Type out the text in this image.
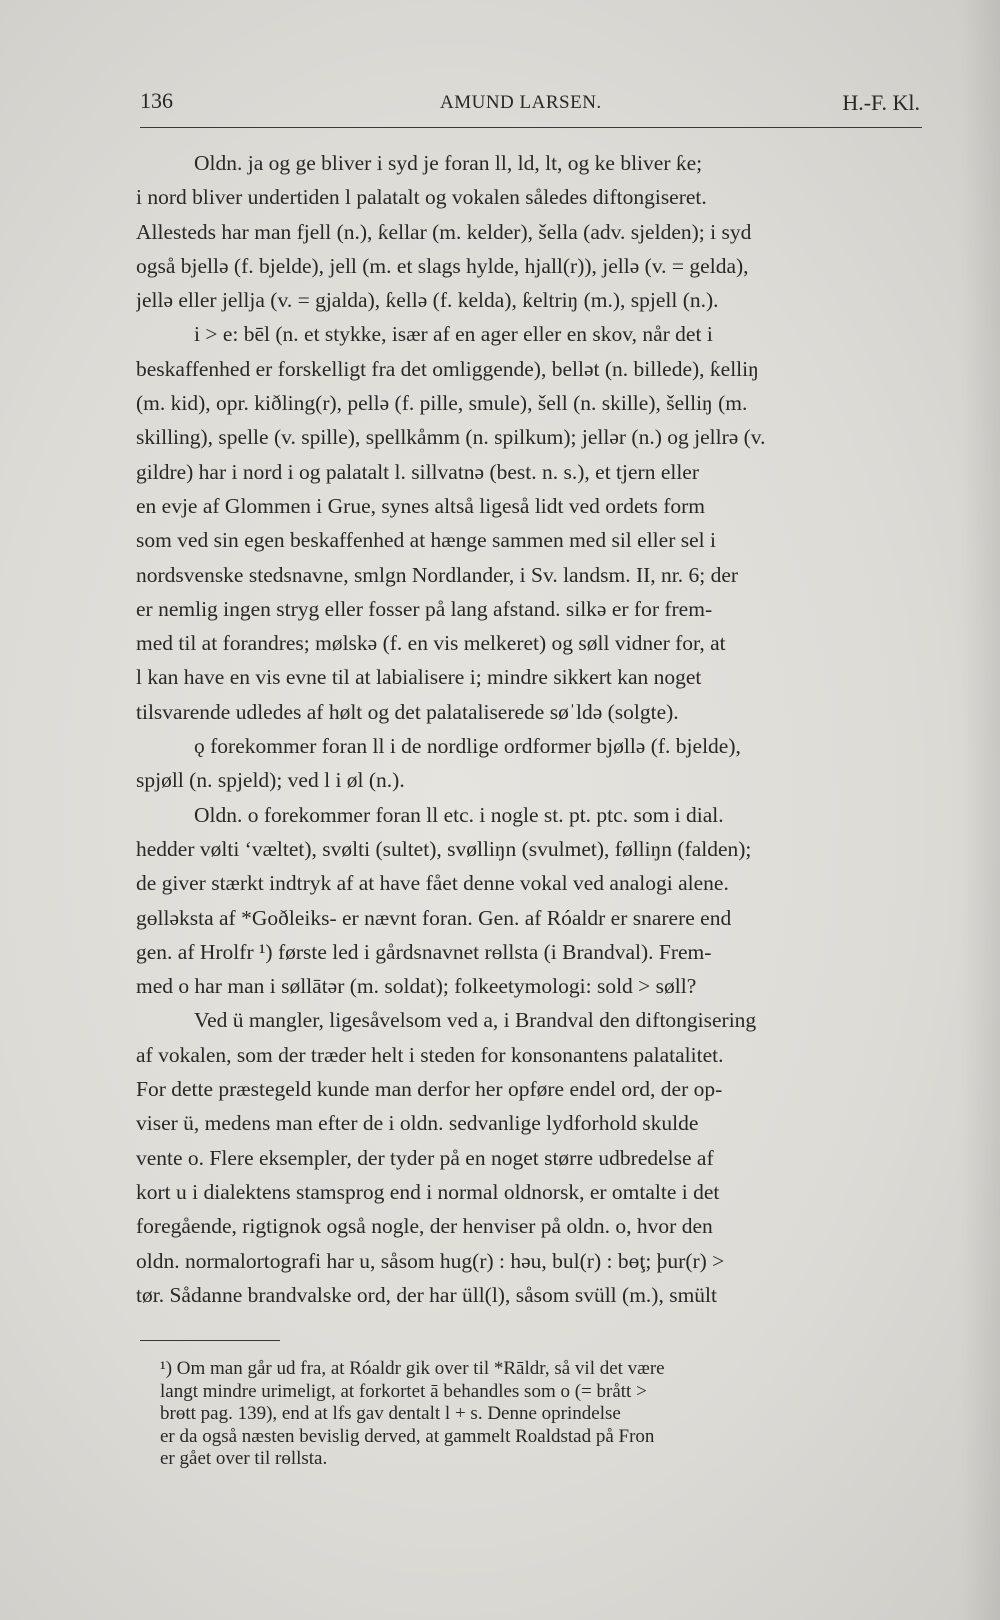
136	AMUND LARSEN.	H.-F. Kl.
Oldn. ja og ge bliver i syd je foran ll, ld, lt, og ke bliver ƙe;
i nord bliver undertiden l palatalt og vokalen således diftongiseret.
Allesteds har man fjell (n.), ƙellar (m. kelder), šella (adv. sjelden); i syd
også bjellə (f. bjelde), jell (m. et slags hylde, hjall(r)), jellə (v. = gelda),
jellə eller jellja (v. = gjalda), ƙellə (f. kelda), ƙeltriŋ (m.), spjell (n.).
i > e: bēl (n. et stykke, især af en ager eller en skov, når det i
beskaffenhed er forskelligt fra det omliggende), bellət (n. billede), ƙelliŋ
(m. kid), opr. kiðling(r), pellə (f. pille, smule), šell (n. skille), šelliŋ (m.
skilling), spelle (v. spille), spellkåmm (n. spilkum); jellər (n.) og jellrə (v.
gildre) har i nord i og palatalt l. sillvatnə (best. n. s.), et tjern eller
en evje af Glommen i Grue, synes altså ligeså lidt ved ordets form
som ved sin egen beskaffenhed at hænge sammen med sil eller sel i
nordsvenske stedsnavne, smlgn Nordlander, i Sv. landsm. II, nr. 6; der
er nemlig ingen stryg eller fosser på lang afstand. silkə er for frem-
med til at forandres; mølskə (f. en vis melkeret) og søll vidner for, at
l kan have en vis evne til at labialisere i; mindre sikkert kan noget
tilsvarende udledes af hølt og det palataliserede søˈldə (solgte).
ǫ forekommer foran ll i de nordlige ordformer bjøllə (f. bjelde),
spjøll (n. spjeld); ved l i øl (n.).
Oldn. o forekommer foran ll etc. i nogle st. pt. ptc. som i dial.
hedder vølti ‘væltet), svølti (sultet), svølliŋn (svulmet), følliŋn (falden);
de giver stærkt indtryk af at have fået denne vokal ved analogi alene.
gөlləksta af *Goðleiks- er nævnt foran. Gen. af Róaldr er snarere end
gen. af Hrolfr ¹) første led i gårdsnavnet rөllsta (i Brandval). Frem-
med o har man i søllātər (m. soldat); folkeetymologi: sold > søll?
Ved ü mangler, ligesåvelsom ved a, i Brandval den diftongisering
af vokalen, som der træder helt i steden for konsonantens palatalitet.
For dette præstegeld kunde man derfor her opføre endel ord, der op-
viser ü, medens man efter de i oldn. sedvanlige lydforhold skulde
vente o. Flere eksempler, der tyder på en noget større udbredelse af
kort u i dialektens stamsprog end i normal oldnorsk, er omtalte i det
foregående, rigtignok også nogle, der henviser på oldn. o, hvor den
oldn. normalortografi har u, såsom hug(r) : həu, bul(r) : bөţ; þur(r) >
tør. Sådanne brandvalske ord, der har üll(l), såsom svüll (m.), smült
¹) Om man går ud fra, at Róaldr gik over til *Rāldr, så vil det være
langt mindre urimeligt, at forkortet ā behandles som o (= brått >
brөtt pag. 139), end at lfs gav dentalt l + s. Denne oprindelse
er da også næsten bevislig derved, at gammelt Roaldstad på Fron
er gået over til rөllsta.
